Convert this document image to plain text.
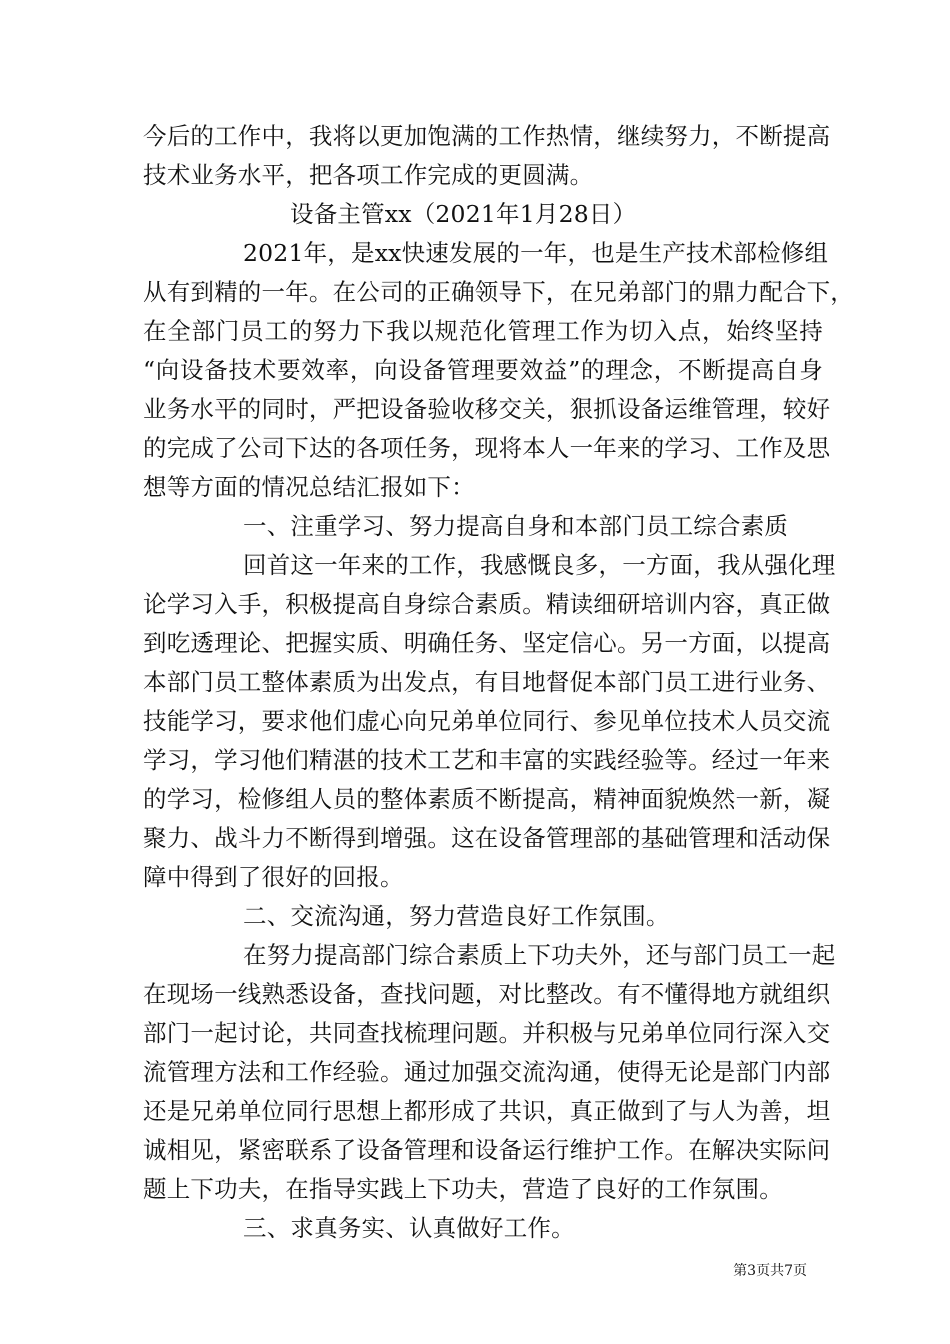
今后的工作中，我将以更加饱满的工作热情，继续努力，不断提高
技术业务水平，把各项工作完成的更圆满。
设备主管xx（2021年1月28日）
2021年，是xx快速发展的一年，也是生产技术部检修组
从有到精的一年。在公司的正确领导下，在兄弟部门的鼎力配合下，
在全部门员工的努力下我以规范化管理工作为切入点，始终坚持
“向设备技术要效率，向设备管理要效益”的理念，不断提高自身
业务水平的同时，严把设备验收移交关，狠抓设备运维管理，较好
的完成了公司下达的各项任务，现将本人一年来的学习、工作及思
想等方面的情况总结汇报如下：
一、注重学习、努力提高自身和本部门员工综合素质
回首这一年来的工作，我感慨良多，一方面，我从强化理
论学习入手，积极提高自身综合素质。精读细研培训内容，真正做
到吃透理论、把握实质、明确任务、坚定信心。另一方面，以提高
本部门员工整体素质为出发点，有目地督促本部门员工进行业务、
技能学习，要求他们虚心向兄弟单位同行、参见单位技术人员交流
学习，学习他们精湛的技术工艺和丰富的实践经验等。经过一年来
的学习，检修组人员的整体素质不断提高，精神面貌焕然一新，凝
聚力、战斗力不断得到增强。这在设备管理部的基础管理和活动保
障中得到了很好的回报。
二、交流沟通，努力营造良好工作氛围。
在努力提高部门综合素质上下功夫外，还与部门员工一起
在现场一线熟悉设备，查找问题，对比整改。有不懂得地方就组织
部门一起讨论，共同查找梳理问题。并积极与兄弟单位同行深入交
流管理方法和工作经验。通过加强交流沟通，使得无论是部门内部
还是兄弟单位同行思想上都形成了共识，真正做到了与人为善，坦
诚相见，紧密联系了设备管理和设备运行维护工作。在解决实际问
题上下功夫，在指导实践上下功夫，营造了良好的工作氛围。
三、求真务实、认真做好工作。
第3页共7页
